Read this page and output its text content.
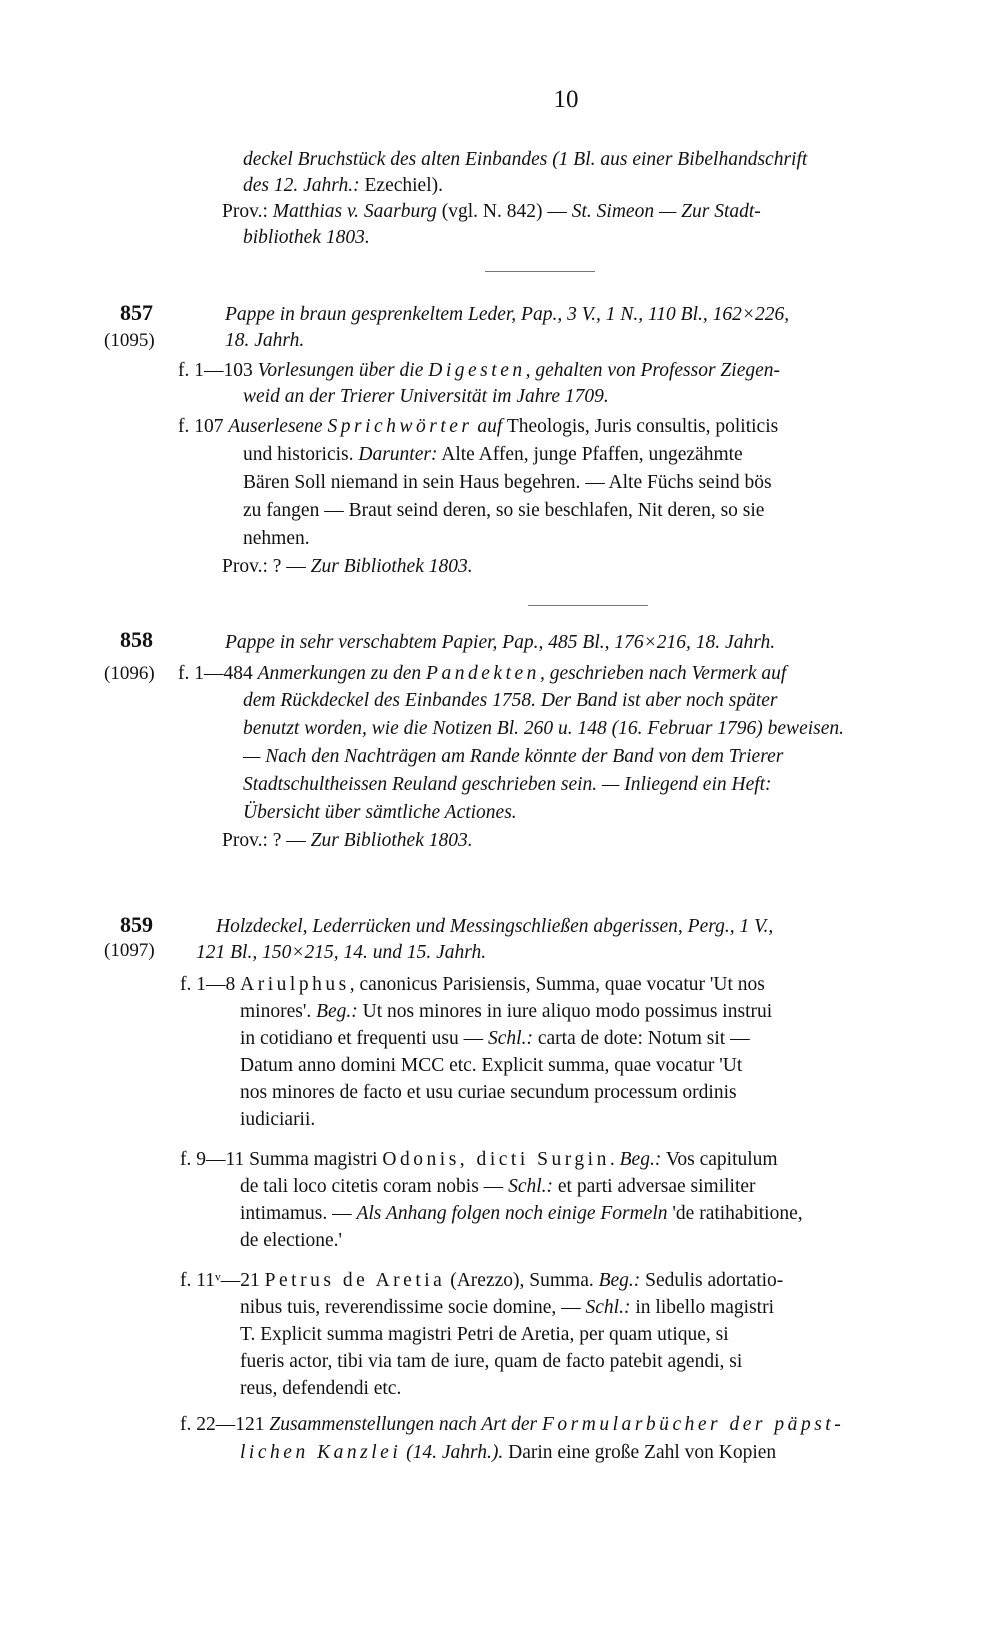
10
deckel Bruchstück des alten Einbandes (1 Bl. aus einer Bibelhandschrift
des 12. Jahrh.: Ezechiel).
Prov.: Matthias v. Saarburg (vgl. N. 842) — St. Simeon — Zur Stadt-
bibliothek 1803.
857
(1095)
Pappe in braun gesprenkeltem Leder, Pap., 3 V., 1 N., 110 Bl., 162×226,
18. Jahrh.
f. 1—103 Vorlesungen über die Digesten, gehalten von Professor Ziegen-
weid an der Trierer Universität im Jahre 1709.
f. 107 Auserlesene Sprichwörter auf Theologis, Juris consultis, politicis
und historicis. Darunter: Alte Affen, junge Pfaffen, ungezähmte
Bären Soll niemand in sein Haus begehren. — Alte Füchs seind bös
zu fangen — Braut seind deren, so sie beschlafen, Nit deren, so sie
nehmen.
Prov.: ? — Zur Bibliothek 1803.
858
(1096)
Pappe in sehr verschabtem Papier, Pap., 485 Bl., 176×216, 18. Jahrh.
f. 1—484 Anmerkungen zu den Pandekten, geschrieben nach Vermerk auf
dem Rückdeckel des Einbandes 1758. Der Band ist aber noch später
benutzt worden, wie die Notizen Bl. 260 u. 148 (16. Februar 1796) beweisen.
— Nach den Nachträgen am Rande könnte der Band von dem Trierer
Stadtschultheissen Reuland geschrieben sein. — Inliegend ein Heft:
Übersicht über sämtliche Actiones.
Prov.: ? — Zur Bibliothek 1803.
859
(1097)
Holzdeckel, Lederrücken und Messingschließen abgerissen, Perg., 1 V.,
121 Bl., 150×215, 14. und 15. Jahrh.
f. 1—8 Ariulphus, canonicus Parisiensis, Summa, quae vocatur 'Ut nos
minores'. Beg.: Ut nos minores in iure aliquo modo possimus instrui
in cotidiano et frequenti usu — Schl.: carta de dote: Notum sit —
Datum anno domini MCC etc. Explicit summa, quae vocatur 'Ut
nos minores de facto et usu curiae secundum processum ordinis
iudiciarii.
f. 9—11 Summa magistri Odonis, dicti Surgin. Beg.: Vos capitulum
de tali loco citetis coram nobis — Schl.: et parti adversae similiter
intimamus. — Als Anhang folgen noch einige Formeln 'de ratihabitione,
de electione.'
f. 11ᵛ—21 Petrus de Aretia (Arezzo), Summa. Beg.: Sedulis adortatio-
nibus tuis, reverendissime socie domine, — Schl.: in libello magistri
T. Explicit summa magistri Petri de Aretia, per quam utique, si
fueris actor, tibi via tam de iure, quam de facto patebit agendi, si
reus, defendendi etc.
f. 22—121 Zusammenstellungen nach Art der Formularbücher der päpst-
lichen Kanzlei (14. Jahrh.). Darin eine große Zahl von Kopien
